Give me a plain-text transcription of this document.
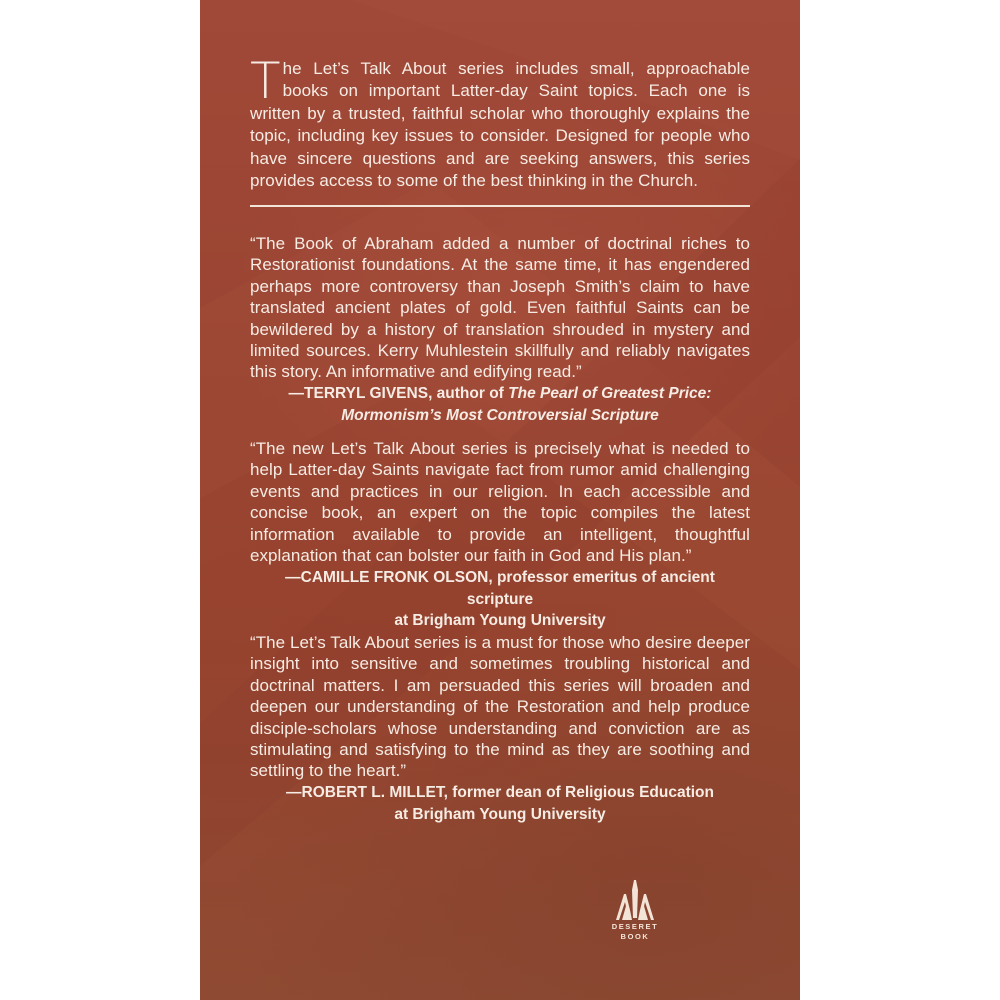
The Let’s Talk About series includes small, approachable books on important Latter-day Saint topics. Each one is written by a trusted, faithful scholar who thoroughly explains the topic, including key issues to consider. Designed for people who have sincere questions and are seeking answers, this series provides access to some of the best thinking in the Church.
“The Book of Abraham added a number of doctrinal riches to Restorationist foundations. At the same time, it has engendered perhaps more controversy than Joseph Smith’s claim to have translated ancient plates of gold. Even faithful Saints can be bewildered by a history of translation shrouded in mystery and limited sources. Kerry Muhlestein skillfully and reliably navigates this story. An informative and edifying read.”
—TERRYL GIVENS, author of The Pearl of Greatest Price: Mormonism’s Most Controversial Scripture
“The new Let’s Talk About series is precisely what is needed to help Latter-day Saints navigate fact from rumor amid challenging events and practices in our religion. In each accessible and concise book, an expert on the topic compiles the latest information available to provide an intelligent, thoughtful explanation that can bolster our faith in God and His plan.”
—CAMILLE FRONK OLSON, professor emeritus of ancient scripture
at Brigham Young University
“The Let’s Talk About series is a must for those who desire deeper insight into sensitive and sometimes troubling historical and doctrinal matters. I am persuaded this series will broaden and deepen our understanding of the Restoration and help produce disciple-scholars whose understanding and conviction are as stimulating and satisfying to the mind as they are soothing and settling to the heart.”
—ROBERT L. MILLET, former dean of Religious Education
at Brigham Young University
DESERET
BOOK
